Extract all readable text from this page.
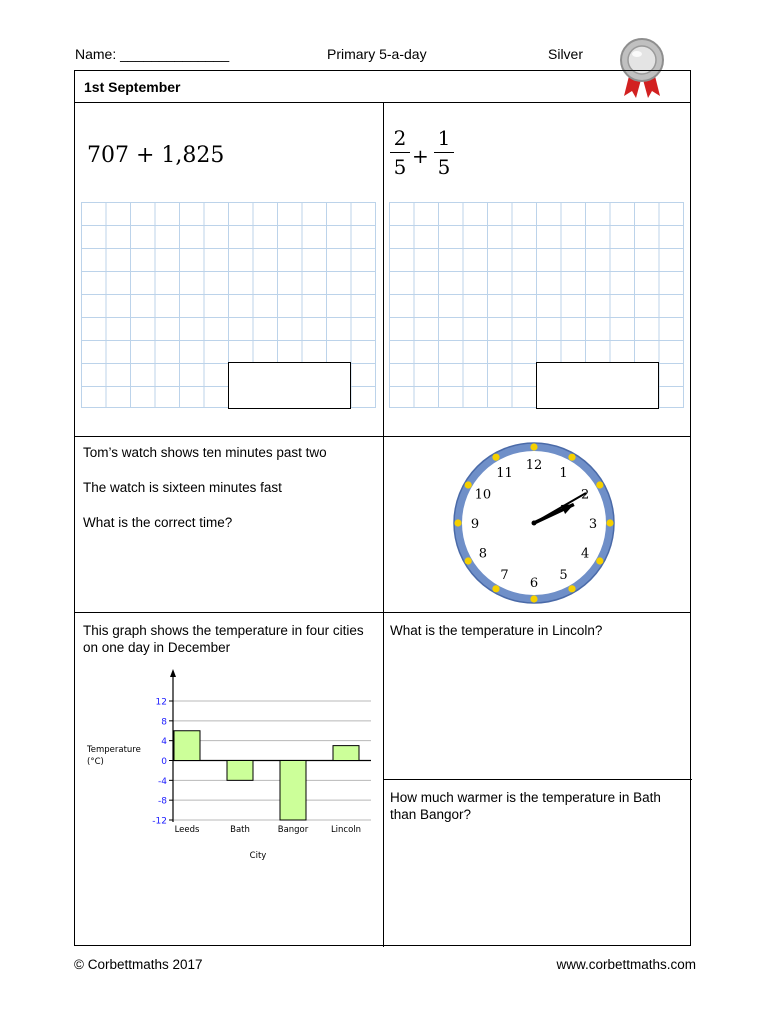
Name: ______________	Primary 5-a-day	Silver
1st September
707 + 1,825	$\frac{2}{5} + \frac{1}{5}$
Tom’s watch shows ten minutes past two
The watch is sixteen minutes fast
What is the correct time?
12
1
2
3
4
5
6
7
8
9
10
11
This graph shows the temperature in four cities on one day in December
12
8
4
0
-4
-8
-12
Leeds	Bath	Bangor	Lincoln
Temperature (°C)
City
What is the temperature in Lincoln?
How much warmer is the temperature in Bath than Bangor?
© Corbettmaths 2017	www.corbettmaths.com
